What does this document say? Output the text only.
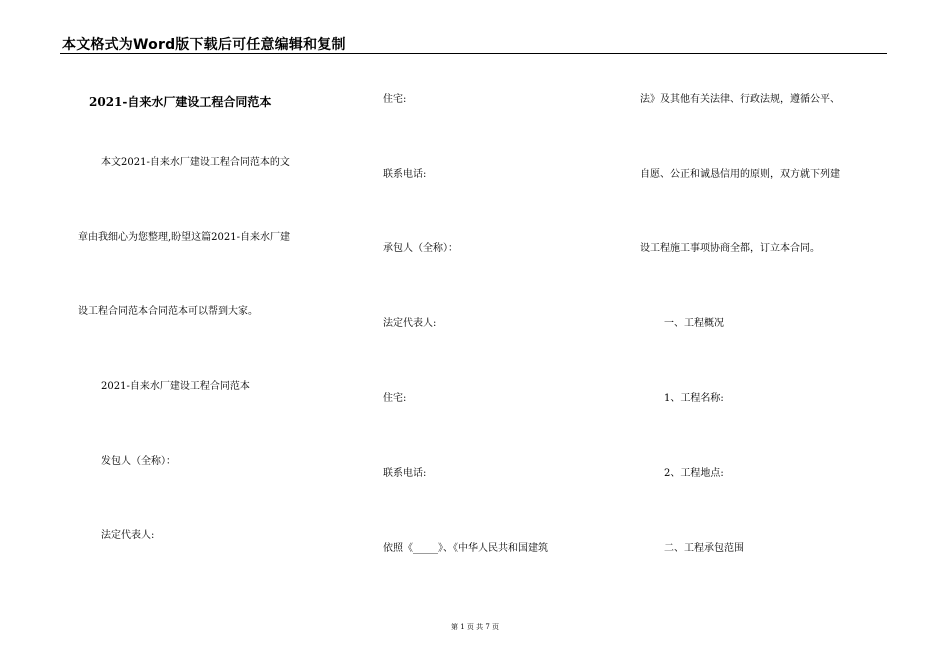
本文格式为Word版下载后可任意编辑和复制
2021-自来水厂建设工程合同范本
本文2021-自来水厂建设工程合同范本的文
章由我细心为您整理,盼望这篇2021-自来水厂建
设工程合同范本合同范本可以帮到大家。
2021-自来水厂建设工程合同范本
发包人（全称）：
法定代表人:
住宅:
联系电话:
承包人（全称）：
法定代表人:
住宅:
联系电话:
依照《_____》、《中华人民共和国建筑
法》及其他有关法律、行政法规，遵循公平、
自愿、公正和诚恳信用的原则，双方就下列建
设工程施工事项协商全都，订立本合同。
一、工程概况
1、工程名称:
2、工程地点:
二、工程承包范围
第 1 页 共 7 页
